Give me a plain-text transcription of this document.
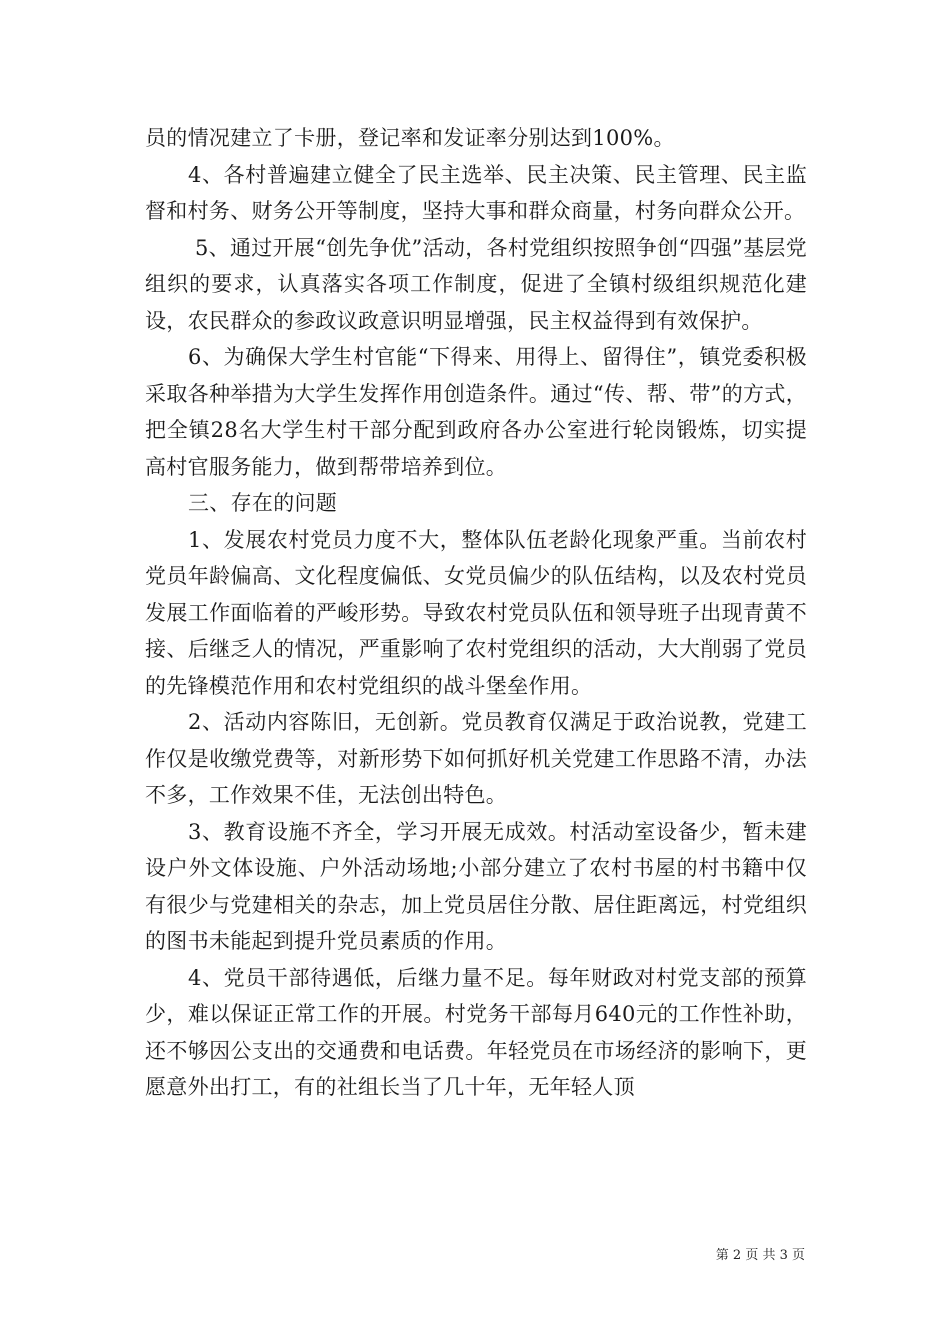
员的情况建立了卡册，登记率和发证率分别达到100%。

4、各村普遍建立健全了民主选举、民主决策、民主管理、民主监督和村务、财务公开等制度，坚持大事和群众商量，村务向群众公开。

5、通过开展“创先争优”活动，各村党组织按照争创“四强”基层党组织的要求，认真落实各项工作制度，促进了全镇村级组织规范化建设，农民群众的参政议政意识明显增强，民主权益得到有效保护。

6、为确保大学生村官能“下得来、用得上、留得住”，镇党委积极采取各种举措为大学生发挥作用创造条件。通过“传、帮、带”的方式，把全镇28名大学生村干部分配到政府各办公室进行轮岗锻炼，切实提高村官服务能力，做到帮带培养到位。

三、存在的问题

1、发展农村党员力度不大，整体队伍老龄化现象严重。当前农村党员年龄偏高、文化程度偏低、女党员偏少的队伍结构，以及农村党员发展工作面临着的严峻形势。导致农村党员队伍和领导班子出现青黄不接、后继乏人的情况，严重影响了农村党组织的活动，大大削弱了党员的先锋模范作用和农村党组织的战斗堡垒作用。

2、活动内容陈旧，无创新。党员教育仅满足于政治说教，党建工作仅是收缴党费等，对新形势下如何抓好机关党建工作思路不清，办法不多，工作效果不佳，无法创出特色。

3、教育设施不齐全，学习开展无成效。村活动室设备少，暂未建设户外文体设施、户外活动场地;小部分建立了农村书屋的村书籍中仅有很少与党建相关的杂志，加上党员居住分散、居住距离远，村党组织的图书未能起到提升党员素质的作用。

4、党员干部待遇低，后继力量不足。每年财政对村党支部的预算少，难以保证正常工作的开展。村党务干部每月640元的工作性补助，还不够因公支出的交通费和电话费。年轻党员在市场经济的影响下，更愿意外出打工，有的社组长当了几十年，无年轻人顶

第 2 页 共 3 页
